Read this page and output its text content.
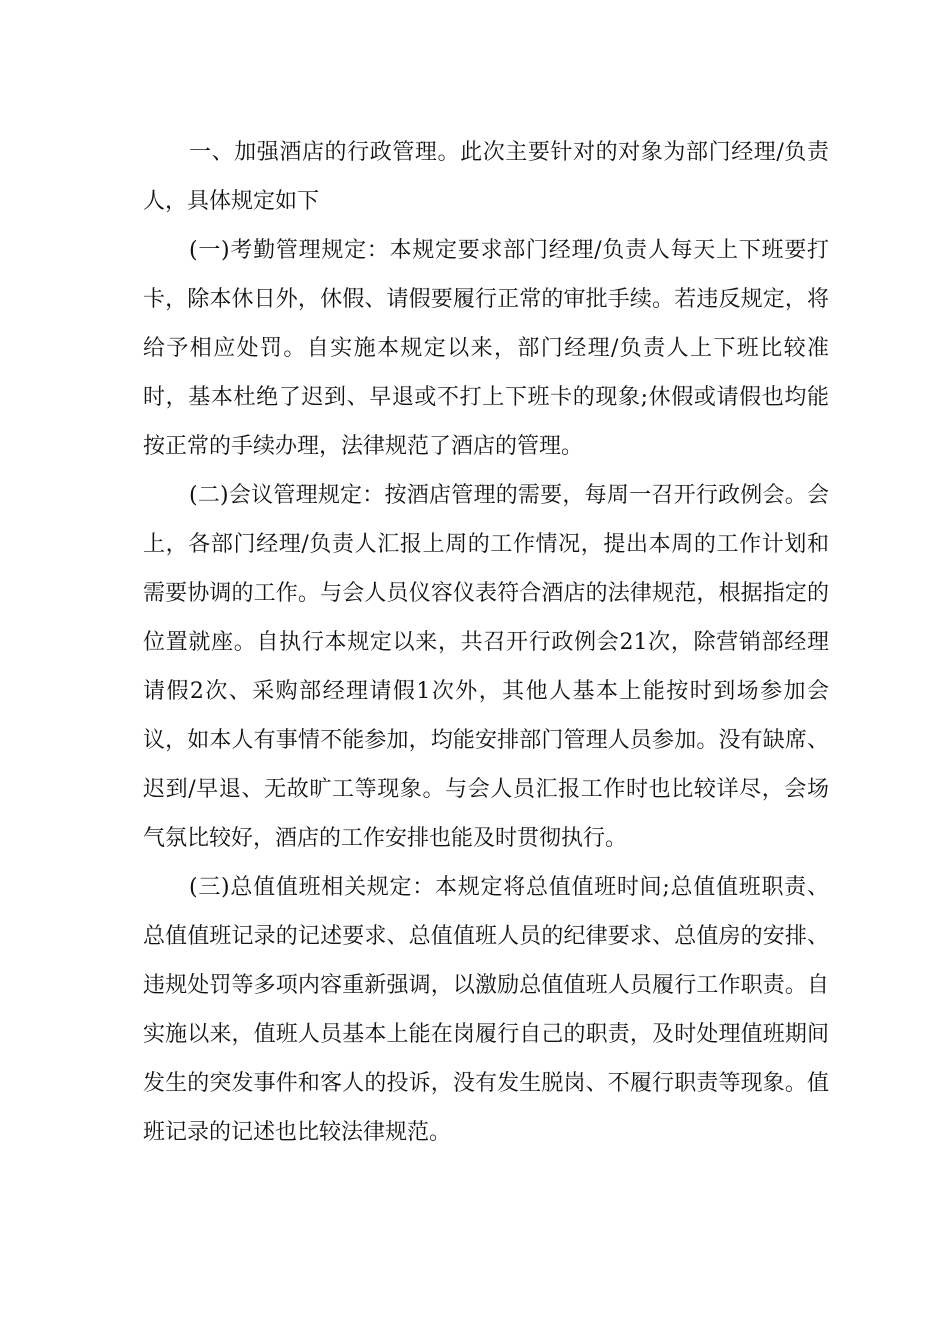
一、加强酒店的行政管理。此次主要针对的对象为部门经理/负责人，具体规定如下

(一)考勤管理规定：本规定要求部门经理/负责人每天上下班要打卡，除本休日外，休假、请假要履行正常的审批手续。若违反规定，将给予相应处罚。自实施本规定以来，部门经理/负责人上下班比较准时，基本杜绝了迟到、早退或不打上下班卡的现象;休假或请假也均能按正常的手续办理，法律规范了酒店的管理。

(二)会议管理规定：按酒店管理的需要，每周一召开行政例会。会上，各部门经理/负责人汇报上周的工作情况，提出本周的工作计划和需要协调的工作。与会人员仪容仪表符合酒店的法律规范，根据指定的位置就座。自执行本规定以来，共召开行政例会21次，除营销部经理请假2次、采购部经理请假1次外，其他人基本上能按时到场参加会议，如本人有事情不能参加，均能安排部门管理人员参加。没有缺席、迟到/早退、无故旷工等现象。与会人员汇报工作时也比较详尽，会场气氛比较好，酒店的工作安排也能及时贯彻执行。

(三)总值值班相关规定：本规定将总值值班时间;总值值班职责、总值值班记录的记述要求、总值值班人员的纪律要求、总值房的安排、违规处罚等多项内容重新强调，以激励总值值班人员履行工作职责。自实施以来，值班人员基本上能在岗履行自己的职责，及时处理值班期间发生的突发事件和客人的投诉，没有发生脱岗、不履行职责等现象。值班记录的记述也比较法律规范。
